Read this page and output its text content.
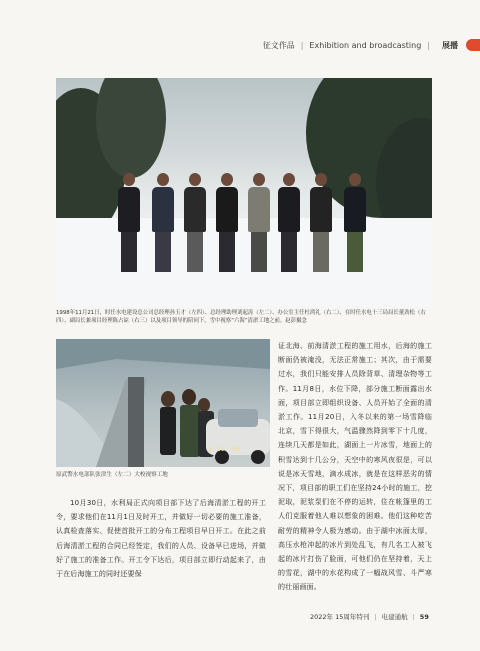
征文作品 | Exhibition and broadcasting | 展播
1998年11月21日，时任水电建设总公司总经理孙玉才（左四）、总经理助理刘起涛（左二）、办公室主任杜鸿礼（右二）、在时任水电十三局局长董劲松（右四）、副局长兼项目经理陈占谅（右三）以及项目领导的陪同下，雪中视察“六海”清淤工地之前。赵彭摄念
6 11 '98
原武警水电部队张津生（左二）大校视察工地

证北海、前海清淤工程的施工用水，后海的施工断面仍被淹没，无法正常施工；其次，由于需要过水，我们只能安排人员除背草、清理杂物等工作。11月8日，水位下降，部分施工断面露出水面，项目部立即组织设备、人员开始了全面的清淤工作。11月20日，入冬以来的第一场雪降临北京，雪下得很大，气温骤然降到零下十几度，连续几天都是如此，湖面上一片冰雪，地面上的积雪达到十几公分，天空中的寒风夜很是，可以说是冰天雪地，滴水成冰，就是在这样恶劣的情况下，项目部的职工们在坚持24小时的施工，挖泥取，泥浆泵们在不停的运转，住在帐篷里的工人们克服着他人难以想象的困难。他们这种吃苦耐劳的精神令人极为感动。由于湖中冰面太厚，高压水枪冲起的冰片到处乱飞，有几名工人被飞起的冰片打伤了脸面，可他们仍在坚持着，天上的雪花，湖中的水花构成了一幅战风雪、斗严寒的壮丽画面。

10月30日，水利局正式向项目部下达了后海清淤工程的开工令，要求他们在11月1日及时开工，并做好一切必要的施工准备，认真检查落实、促使首批开工的分布工程项目早日开工。在此之前后海清淤工程的合同已经签定，我们的人员、设备早已进场，并做好了施工的准备工作。开工令下达后，项目部立即行动起来了，由于在后海施工的同时还要保

2022年 15周年特刊 | 电建通航 | 59
